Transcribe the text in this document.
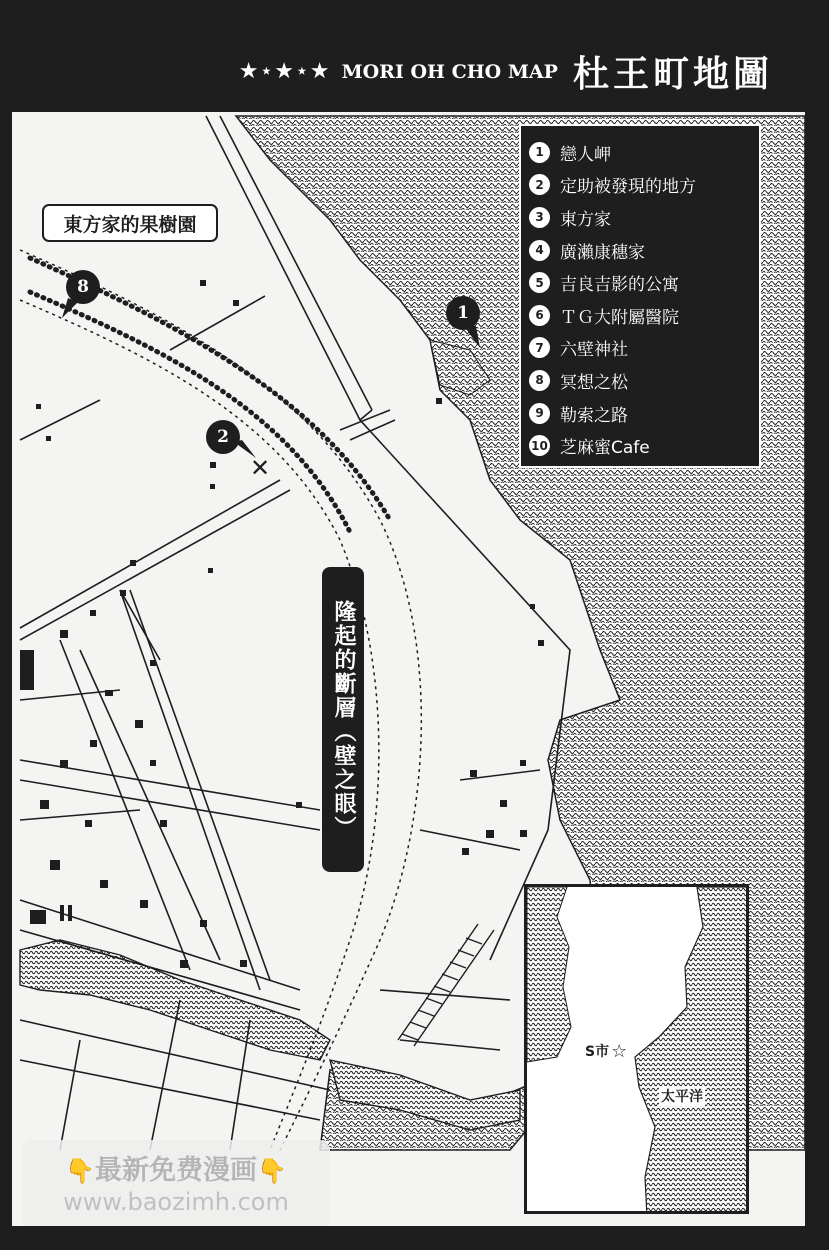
★⋆★⋆★ MORI OH CHO MAP 杜王町地圖
1 戀人岬
2 定助被發現的地方
3 東方家
4 廣瀨康穗家
5 吉良吉影的公寓
6 ＴＧ大附屬醫院
7 六壁神社
8 冥想之松
9 勒索之路
10 芝麻蜜Cafe
東方家的果樹園
隆起的斷層（壁之眼）
1
2
✕
8
S市 ☆
太平洋
👇最新免费漫画👇
www.baozimh.com
